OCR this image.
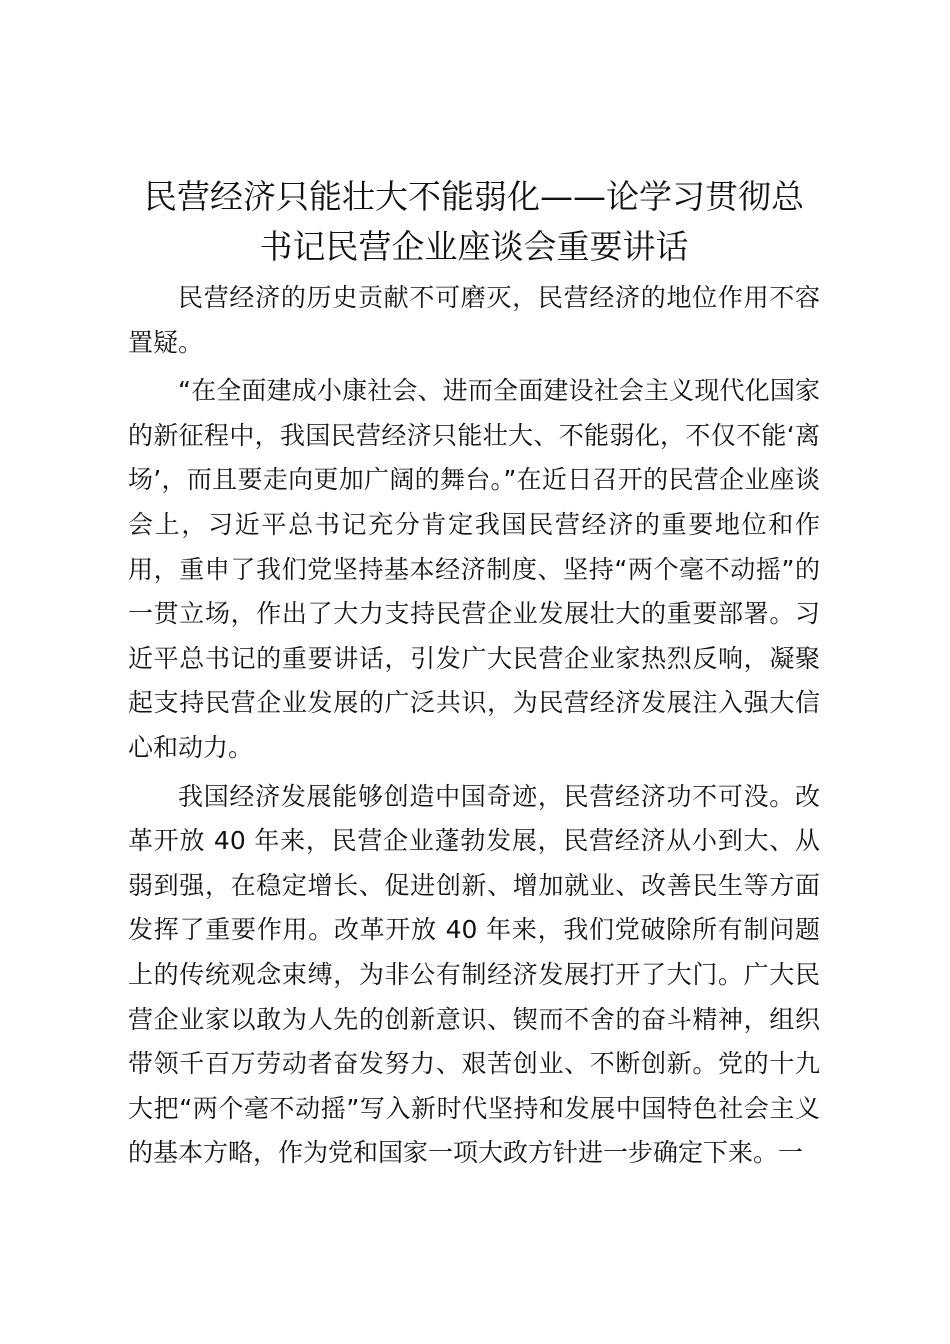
民营经济只能壮大不能弱化——论学习贯彻总书记民营企业座谈会重要讲话

民营经济的历史贡献不可磨灭，民营经济的地位作用不容置疑。

“在全面建成小康社会、进而全面建设社会主义现代化国家的新征程中，我国民营经济只能壮大、不能弱化，不仅不能‘离场’，而且要走向更加广阔的舞台。”在近日召开的民营企业座谈会上，习近平总书记充分肯定我国民营经济的重要地位和作用，重申了我们党坚持基本经济制度、坚持“两个毫不动摇”的一贯立场，作出了大力支持民营企业发展壮大的重要部署。习近平总书记的重要讲话，引发广大民营企业家热烈反响，凝聚起支持民营企业发展的广泛共识，为民营经济发展注入强大信心和动力。

我国经济发展能够创造中国奇迹，民营经济功不可没。改革开放 40 年来，民营企业蓬勃发展，民营经济从小到大、从弱到强，在稳定增长、促进创新、增加就业、改善民生等方面发挥了重要作用。改革开放 40 年来，我们党破除所有制问题上的传统观念束缚，为非公有制经济发展打开了大门。广大民营企业家以敢为人先的创新意识、锲而不舍的奋斗精神，组织带领千百万劳动者奋发努力、艰苦创业、不断创新。党的十九大把“两个毫不动摇”写入新时代坚持和发展中国特色社会主义的基本方略，作为党和国家一项大政方针进一步确定下来。一
